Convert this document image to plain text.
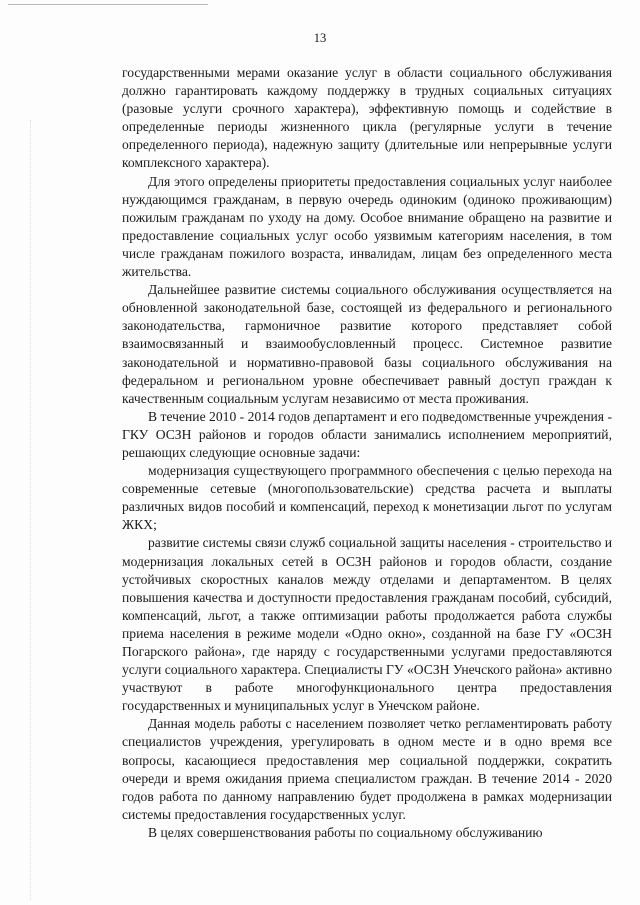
13

государственными мерами оказание услуг в области социального обслуживания должно гарантировать каждому поддержку в трудных социальных ситуациях (разовые услуги срочного характера), эффективную помощь и содействие в определенные периоды жизненного цикла (регулярные услуги в течение определенного периода), надежную защиту (длительные или непрерывные услуги комплексного характера).

Для этого определены приоритеты предоставления социальных услуг наиболее нуждающимся гражданам, в первую очередь одиноким (одиноко проживающим) пожилым гражданам по уходу на дому. Особое внимание обращено на развитие и предоставление социальных услуг особо уязвимым категориям населения, в том числе гражданам пожилого возраста, инвалидам, лицам без определенного места жительства.

Дальнейшее развитие системы социального обслуживания осуществляется на обновленной законодательной базе, состоящей из федерального и регионального законодательства, гармоничное развитие которого представляет собой взаимосвязанный и взаимообусловленный процесс. Системное развитие законодательной и нормативно-правовой базы социального обслуживания на федеральном и региональном уровне обеспечивает равный доступ граждан к качественным социальным услугам независимо от места проживания.

В течение 2010 - 2014 годов департамент и его подведомственные учреждения - ГКУ ОСЗН районов и городов области занимались исполнением мероприятий, решающих следующие основные задачи:

модернизация существующего программного обеспечения с целью перехода на современные сетевые (многопользовательские) средства расчета и выплаты различных видов пособий и компенсаций, переход к монетизации льгот по услугам ЖКХ;

развитие системы связи служб социальной защиты населения - строительство и модернизация локальных сетей в ОСЗН районов и городов области, создание устойчивых скоростных каналов между отделами и департаментом. В целях повышения качества и доступности предоставления гражданам пособий, субсидий, компенсаций, льгот, а также оптимизации работы продолжается работа службы приема населения в режиме модели «Одно окно», созданной на базе ГУ «ОСЗН Погарского района», где наряду с государственными услугами предоставляются услуги социального характера. Специалисты ГУ «ОСЗН Унечского района» активно участвуют в работе многофункционального центра предоставления государственных и муниципальных услуг в Унечском районе.

Данная модель работы с населением позволяет четко регламентировать работу специалистов учреждения, урегулировать в одном месте и в одно время все вопросы, касающиеся предоставления мер социальной поддержки, сократить очереди и время ожидания приема специалистом граждан. В течение 2014 - 2020 годов работа по данному направлению будет продолжена в рамках модернизации системы предоставления государственных услуг.

В целях совершенствования работы по социальному обслуживанию
